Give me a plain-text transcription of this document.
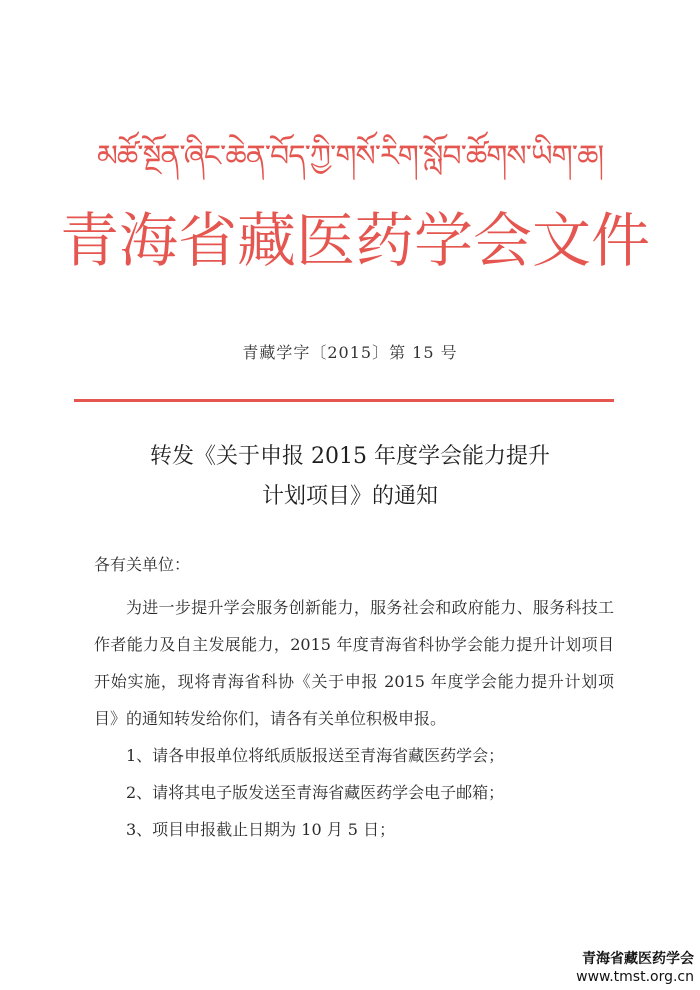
མཚོ་སྔོན་ཞིང་ཆེན་བོད་ཀྱི་གསོ་རིག་སློབ་ཚོགས་ཡིག་ཆ།
青海省藏医药学会文件
青藏学字〔2015〕第 15 号
转发《关于申报 2015 年度学会能力提升
计划项目》的通知

各有关单位：

为进一步提升学会服务创新能力，服务社会和政府能力、服务科技工作者能力及自主发展能力，2015 年度青海省科协学会能力提升计划项目开始实施，现将青海省科协《关于申报 2015 年度学会能力提升计划项目》的通知转发给你们，请各有关单位积极申报。

1、请各申报单位将纸质版报送至青海省藏医药学会；

2、请将其电子版发送至青海省藏医药学会电子邮箱；

3、项目申报截止日期为 10 月 5 日；

青海省藏医药学会
www.tmst.org.cn
